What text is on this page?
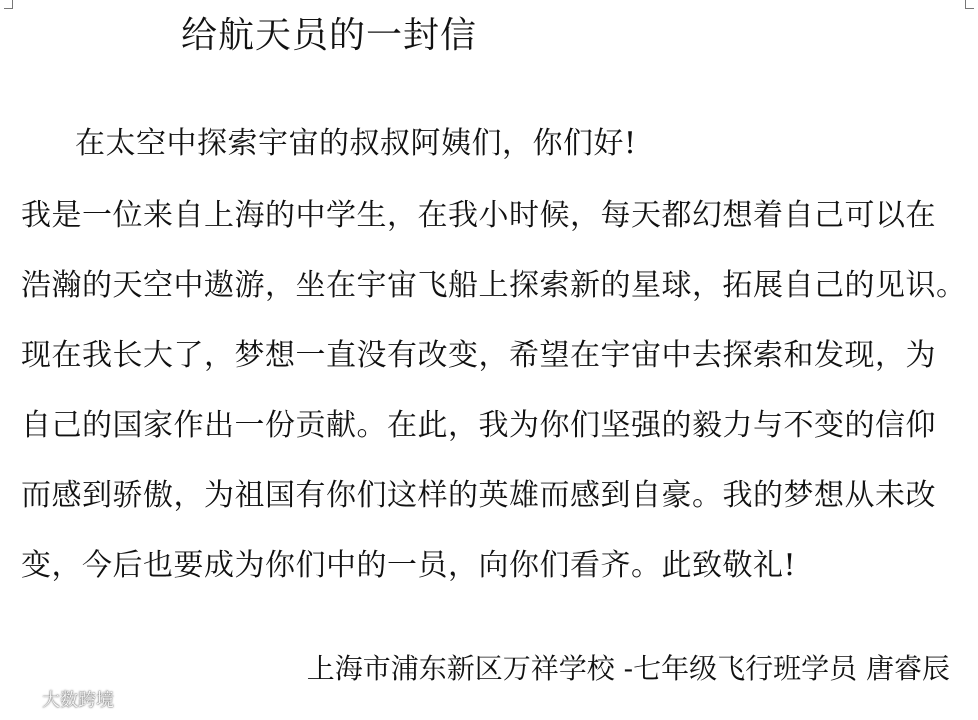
给航天员的一封信
在太空中探索宇宙的叔叔阿姨们，你们好!
我是一位来自上海的中学生，在我小时候，每天都幻想着自己可以在
浩瀚的天空中遨游，坐在宇宙飞船上探索新的星球，拓展自己的见识。
现在我长大了，梦想一直没有改变，希望在宇宙中去探索和发现，为
自己的国家作出一份贡献。在此，我为你们坚强的毅力与不变的信仰
而感到骄傲，为祖国有你们这样的英雄而感到自豪。我的梦想从未改
变，今后也要成为你们中的一员，向你们看齐。此致敬礼!
上海市浦东新区万祥学校 -七年级飞行班学员 唐睿辰
大数跨境
